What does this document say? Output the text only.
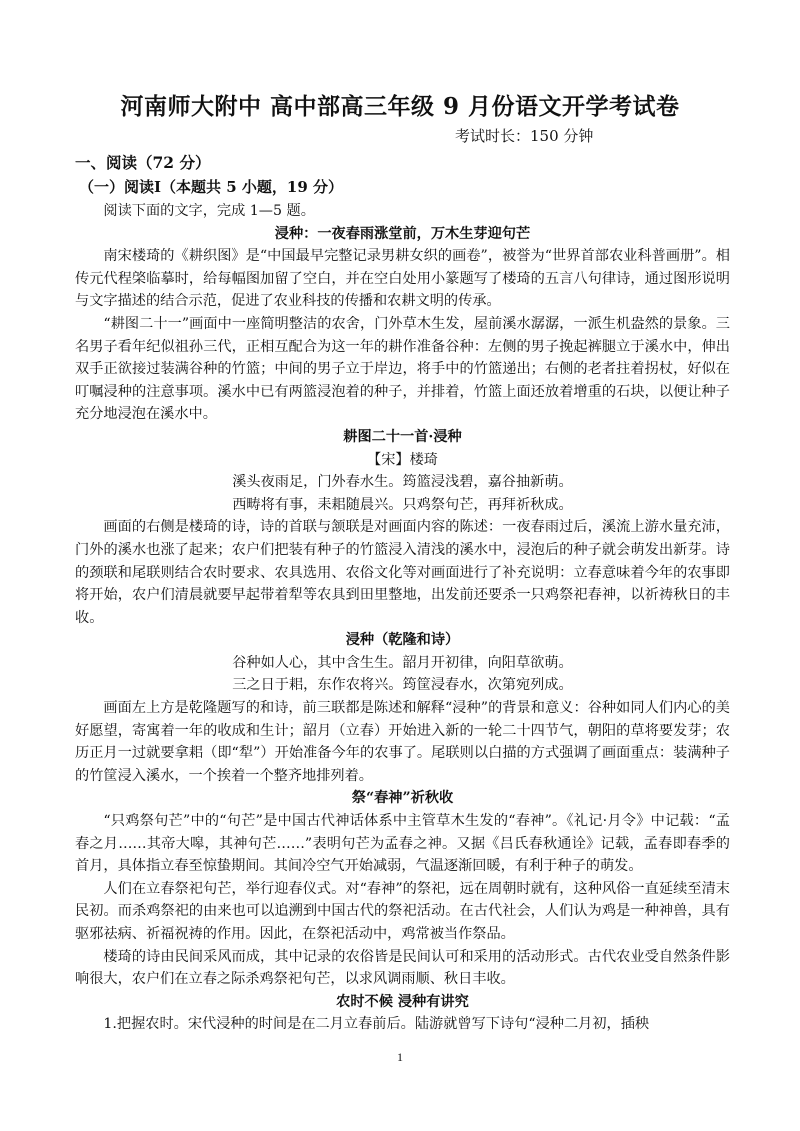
河南师大附中 高中部高三年级 9 月份语文开学考试卷
考试时长：150 分钟

一、阅读（72 分）

（一）阅读Ⅰ（本题共 5 小题，19 分）

阅读下面的文字，完成 1—5 题。

浸种：一夜春雨涨堂前，万木生芽迎句芒

南宋楼琦的《耕织图》是“中国最早完整记录男耕女织的画卷”，被誉为“世界首部农业科普画册”。相传元代程棨临摹时，给每幅图加留了空白，并在空白处用小篆题写了楼琦的五言八句律诗，通过图形说明与文字描述的结合示范，促进了农业科技的传播和农耕文明的传承。

“耕图二十一”画面中一座简明整洁的农舍，门外草木生发，屋前溪水潺潺，一派生机盎然的景象。三名男子看年纪似祖孙三代，正相互配合为这一年的耕作准备谷种：左侧的男子挽起裤腿立于溪水中，伸出双手正欲接过装满谷种的竹篮；中间的男子立于岸边，将手中的竹篮递出；右侧的老者拄着拐杖，好似在叮嘱浸种的注意事项。溪水中已有两篮浸泡着的种子，并排着，竹篮上面还放着增重的石块，以便让种子充分地浸泡在溪水中。

耕图二十一首·浸种

【宋】楼琦

溪头夜雨足，门外春水生。筠篮浸浅碧，嘉谷抽新萌。

西畴将有事，耒耜随晨兴。只鸡祭句芒，再拜祈秋成。

画面的右侧是楼琦的诗，诗的首联与颔联是对画面内容的陈述：一夜春雨过后，溪流上游水量充沛，门外的溪水也涨了起来；农户们把装有种子的竹篮浸入清浅的溪水中，浸泡后的种子就会萌发出新芽。诗的颈联和尾联则结合农时要求、农具选用、农俗文化等对画面进行了补充说明：立春意味着今年的农事即将开始，农户们清晨就要早起带着犁等农具到田里整地，出发前还要杀一只鸡祭祀春神，以祈祷秋日的丰收。

浸种（乾隆和诗）

谷种如人心，其中含生生。韶月开初律，向阳草欲萌。

三之日于耜，东作农将兴。筠筐浸春水，次第宛列成。

画面左上方是乾隆题写的和诗，前三联都是陈述和解释“浸种”的背景和意义：谷种如同人们内心的美好愿望，寄寓着一年的收成和生计；韶月（立春）开始进入新的一轮二十四节气，朝阳的草将要发芽；农历正月一过就要拿耜（即“犁”）开始准备今年的农事了。尾联则以白描的方式强调了画面重点：装满种子的竹筐浸入溪水，一个挨着一个整齐地排列着。

祭“春神”祈秋收

“只鸡祭句芒”中的“句芒”是中国古代神话体系中主管草木生发的“春神”。《礼记·月令》中记载：“孟春之月……其帝大嗥，其神句芒……”表明句芒为孟春之神。又据《吕氏春秋通诠》记载，孟春即春季的首月，具体指立春至惊蛰期间。其间冷空气开始减弱，气温逐渐回暖，有利于种子的萌发。

人们在立春祭祀句芒，举行迎春仪式。对“春神”的祭祀，远在周朝时就有，这种风俗一直延续至清末民初。而杀鸡祭祀的由来也可以追溯到中国古代的祭祀活动。在古代社会，人们认为鸡是一种神兽，具有驱邪祛病、祈福祝祷的作用。因此，在祭祀活动中，鸡常被当作祭品。

楼琦的诗由民间采风而成，其中记录的农俗皆是民间认可和采用的活动形式。古代农业受自然条件影响很大，农户们在立春之际杀鸡祭祀句芒，以求风调雨顺、秋日丰收。

农时不候 浸种有讲究

1.把握农时。宋代浸种的时间是在二月立春前后。陆游就曾写下诗句“浸种二月初，插秧

1
